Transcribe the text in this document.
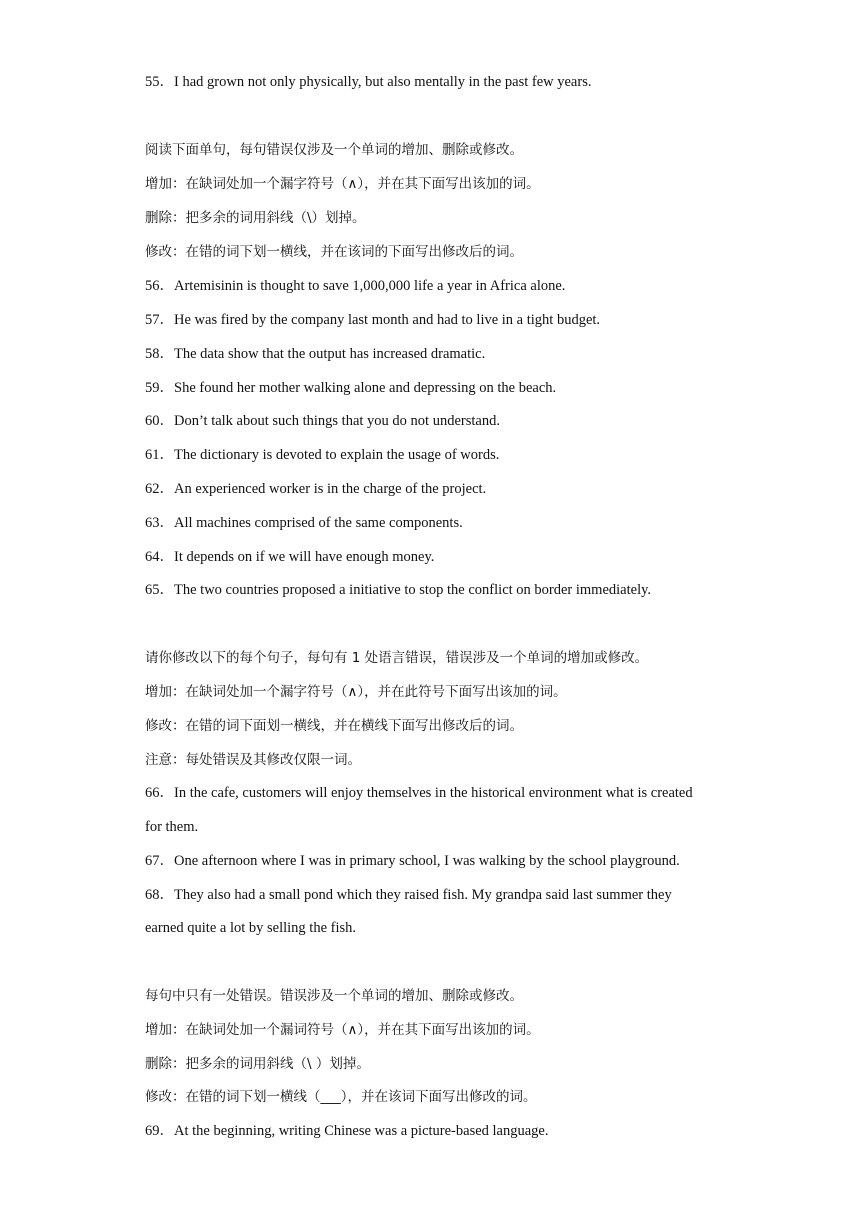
55．I had grown not only physically, but also mentally in the past few years.
阅读下面单句，每句错误仅涉及一个单词的增加、删除或修改。
增加：在缺词处加一个漏字符号（∧），并在其下面写出该加的词。
删除：把多余的词用斜线（\）划掉。
修改：在错的词下划一横线，并在该词的下面写出修改后的词。
56．Artemisinin is thought to save 1,000,000 life a year in Africa alone.
57．He was fired by the company last month and had to live in a tight budget.
58．The data show that the output has increased dramatic.
59．She found her mother walking alone and depressing on the beach.
60．Don’t talk about such things that you do not understand.
61．The dictionary is devoted to explain the usage of words.
62．An experienced worker is in the charge of the project.
63．All machines comprised of the same components.
64．It depends on if we will have enough money.
65．The two countries proposed a initiative to stop the conflict on border immediately.
请你修改以下的每个句子，每句有 1 处语言错误，错误涉及一个单词的增加或修改。
增加：在缺词处加一个漏字符号（∧），并在此符号下面写出该加的词。
修改：在错的词下面划一横线，并在横线下面写出修改后的词。
注意：每处错误及其修改仅限一词。
66．In the cafe, customers will enjoy themselves in the historical environment what is created
for them.
67．One afternoon where I was in primary school, I was walking by the school playground.
68．They also had a small pond which they raised fish. My grandpa said last summer they
earned quite a lot by selling the fish.
每句中只有一处错误。错误涉及一个单词的增加、删除或修改。
增加：在缺词处加一个漏词符号（∧），并在其下面写出该加的词。
删除：把多余的词用斜线（\ ）划掉。
修改：在错的词下划一横线（___），并在该词下面写出修改的词。
69．At the beginning, writing Chinese was a picture-based language.
